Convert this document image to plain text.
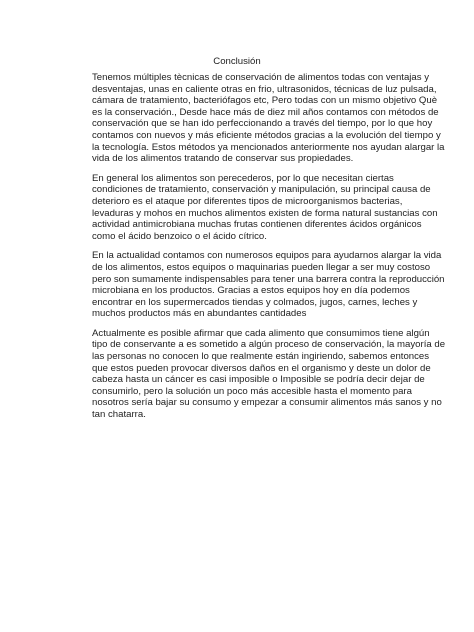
Conclusión

Tenemos múltiples tècnicas de conservación de alimentos todas con ventajas y
desventajas, unas en caliente otras en frio, ultrasonidos, técnicas de luz pulsada,
cámara de tratamiento, bacteriófagos etc, Pero todas con un mismo objetivo Què
es la conservación., Desde hace más de diez mil años contamos con métodos de
conservación que se han ido perfeccionando a través del tiempo, por lo que hoy
contamos con nuevos y más eficiente métodos gracias a la evolución del tiempo y
la tecnología. Estos métodos ya mencionados anteriormente nos ayudan alargar la
vida de los alimentos tratando de conservar sus propiedades.

En general los alimentos son perecederos, por lo que necesitan ciertas
condiciones de tratamiento, conservación y manipulación, su principal causa de
deterioro es el ataque por diferentes tipos de microorganismos bacterias,
levaduras y mohos en muchos alimentos existen de forma natural sustancias con
actividad antimicrobiana muchas frutas contienen diferentes ácidos orgánicos
como el ácido benzoico o el ácido cítrico.

En la actualidad contamos con numerosos equipos para ayudarnos alargar la vida
de los alimentos, estos equipos o maquinarias pueden llegar a ser muy costoso
pero son sumamente indispensables para tener una barrera contra la reproducción
microbiana en los productos. Gracias a estos equipos hoy en día podemos
encontrar en los supermercados tiendas y colmados, jugos, carnes, leches y
muchos productos más en abundantes cantidades

Actualmente es posible afirmar que cada alimento que consumimos tiene algún
tipo de conservante a es sometido a algún proceso de conservación, la mayoría de
las personas no conocen lo que realmente están ingiriendo, sabemos entonces
que estos pueden provocar diversos daños en el organismo y deste un dolor de
cabeza hasta un cáncer es casi imposible o Imposible se podría decir dejar de
consumirlo, pero la solución un poco más accesible hasta el momento para
nosotros sería bajar su consumo y empezar a consumir alimentos más sanos y no
tan chatarra.
